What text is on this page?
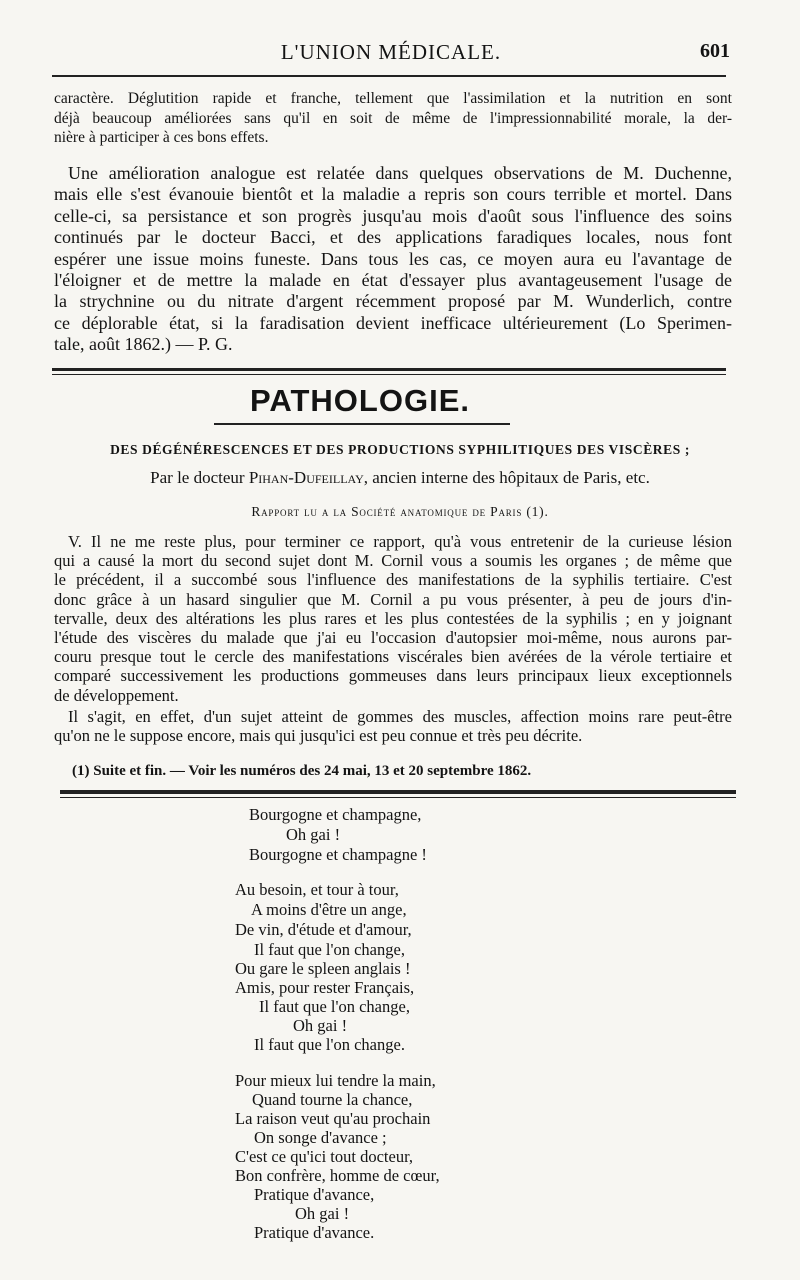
L'UNION MÉDICALE.	601
caractère. Déglutition rapide et franche, tellement que l'assimilation et la nutrition en sont
déjà beaucoup améliorées sans qu'il en soit de même de l'impressionnabilité morale, la der-
nière à participer à ces bons effets.
Une amélioration analogue est relatée dans quelques observations de M. Duchenne,
mais elle s'est évanouie bientôt et la maladie a repris son cours terrible et mortel. Dans
celle-ci, sa persistance et son progrès jusqu'au mois d'août sous l'influence des soins
continués par le docteur Bacci, et des applications faradiques locales, nous font
espérer une issue moins funeste. Dans tous les cas, ce moyen aura eu l'avantage de
l'éloigner et de mettre la malade en état d'essayer plus avantageusement l'usage de
la strychnine ou du nitrate d'argent récemment proposé par M. Wunderlich, contre
ce déplorable état, si la faradisation devient inefficace ultérieurement (Lo Sperimen-
tale, août 1862.) — P. G.
PATHOLOGIE.
DES DÉGÉNÉRESCENCES ET DES PRODUCTIONS SYPHILITIQUES DES VISCÈRES ;
Par le docteur Pihan-Dufeillay, ancien interne des hôpitaux de Paris, etc.
Rapport lu a la Société anatomique de Paris (1).
V. Il ne me reste plus, pour terminer ce rapport, qu'à vous entretenir de la curieuse lésion
qui a causé la mort du second sujet dont M. Cornil vous a soumis les organes ; de même que
le précédent, il a succombé sous l'influence des manifestations de la syphilis tertiaire. C'est
donc grâce à un hasard singulier que M. Cornil a pu vous présenter, à peu de jours d'in-
tervalle, deux des altérations les plus rares et les plus contestées de la syphilis ; en y joignant
l'étude des viscères du malade que j'ai eu l'occasion d'autopsier moi-même, nous aurons par-
couru presque tout le cercle des manifestations viscérales bien avérées de la vérole tertiaire et
comparé successivement les productions gommeuses dans leurs principaux lieux exceptionnels
de développement.
Il s'agit, en effet, d'un sujet atteint de gommes des muscles, affection moins rare peut-être
qu'on ne le suppose encore, mais qui jusqu'ici est peu connue et très peu décrite.
(1) Suite et fin. — Voir les numéros des 24 mai, 13 et 20 septembre 1862.
Bourgogne et champagne,
Oh gai !
Bourgogne et champagne !
Au besoin, et tour à tour,
A moins d'être un ange,
De vin, d'étude et d'amour,
Il faut que l'on change,
Ou gare le spleen anglais !
Amis, pour rester Français,
Il faut que l'on change,
Oh gai !
Il faut que l'on change.
Pour mieux lui tendre la main,
Quand tourne la chance,
La raison veut qu'au prochain
On songe d'avance ;
C'est ce qu'ici tout docteur,
Bon confrère, homme de cœur,
Pratique d'avance,
Oh gai !
Pratique d'avance.
